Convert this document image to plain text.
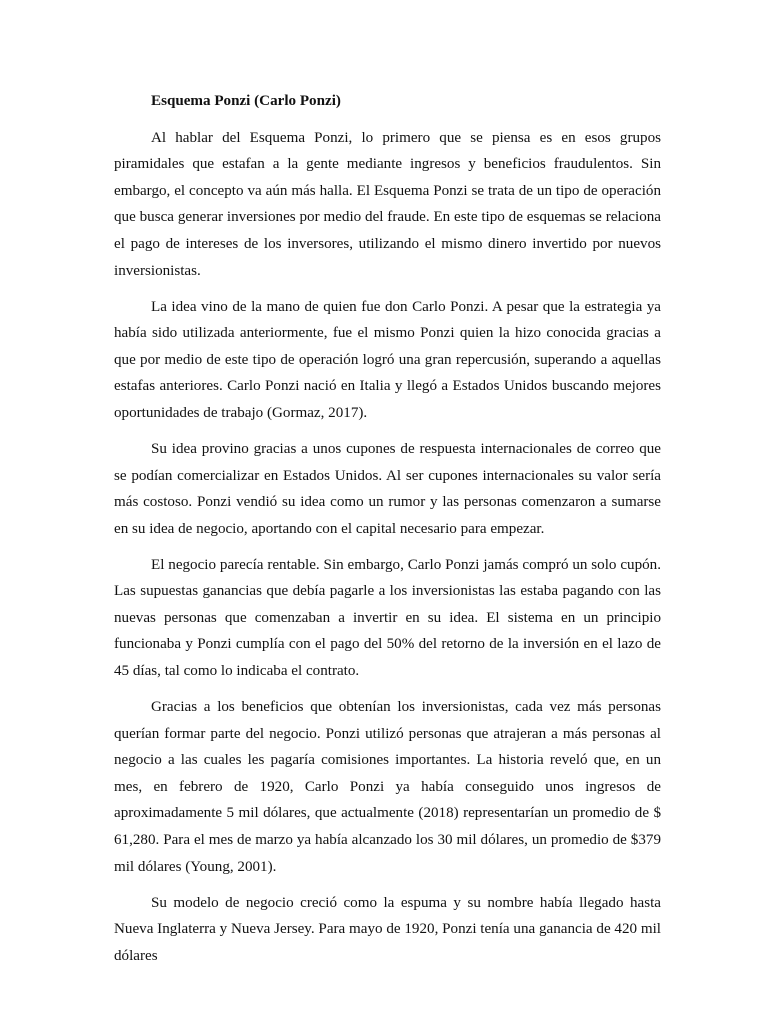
Esquema Ponzi (Carlo Ponzi)

Al hablar del Esquema Ponzi, lo primero que se piensa es en esos grupos piramidales que estafan a la gente mediante ingresos y beneficios fraudulentos. Sin embargo, el concepto va aún más halla. El Esquema Ponzi se trata de un tipo de operación que busca generar inversiones por medio del fraude. En este tipo de esquemas se relaciona el pago de intereses de los inversores, utilizando el mismo dinero invertido por nuevos inversionistas.

La idea vino de la mano de quien fue don Carlo Ponzi. A pesar que la estrategia ya había sido utilizada anteriormente, fue el mismo Ponzi quien la hizo conocida gracias a que por medio de este tipo de operación logró una gran repercusión, superando a aquellas estafas anteriores. Carlo Ponzi nació en Italia y llegó a Estados Unidos buscando mejores oportunidades de trabajo (Gormaz, 2017).

Su idea provino gracias a unos cupones de respuesta internacionales de correo que se podían comercializar en Estados Unidos. Al ser cupones internacionales su valor sería más costoso. Ponzi vendió su idea como un rumor y las personas comenzaron a sumarse en su idea de negocio, aportando con el capital necesario para empezar.

El negocio parecía rentable. Sin embargo, Carlo Ponzi jamás compró un solo cupón. Las supuestas ganancias que debía pagarle a los inversionistas las estaba pagando con las nuevas personas que comenzaban a invertir en su idea. El sistema en un principio funcionaba y Ponzi cumplía con el pago del 50% del retorno de la inversión en el lazo de 45 días, tal como lo indicaba el contrato.

Gracias a los beneficios que obtenían los inversionistas, cada vez más personas querían formar parte del negocio. Ponzi utilizó personas que atrajeran a más personas al negocio a las cuales les pagaría comisiones importantes. La historia reveló que, en un mes, en febrero de 1920, Carlo Ponzi ya había conseguido unos ingresos de aproximadamente 5 mil dólares, que actualmente (2018) representarían un promedio de $ 61,280. Para el mes de marzo ya había alcanzado los 30 mil dólares, un promedio de $379 mil dólares (Young, 2001).

Su modelo de negocio creció como la espuma y su nombre había llegado hasta Nueva Inglaterra y Nueva Jersey. Para mayo de 1920, Ponzi tenía una ganancia de 420 mil dólares
